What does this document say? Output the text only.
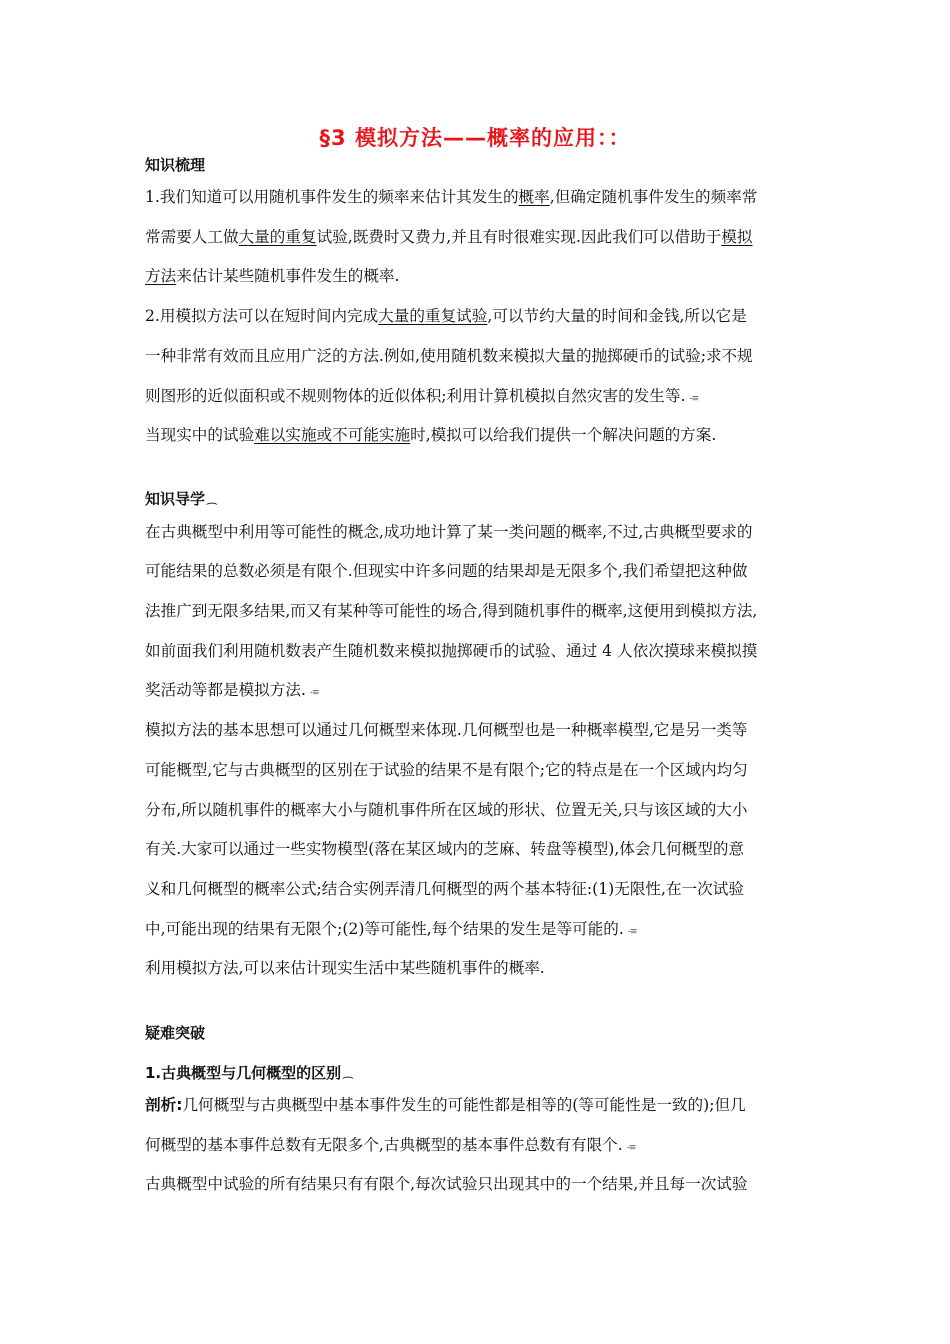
§3 模拟方法——概率的应用：：
知识梳理
1.我们知道可以用随机事件发生的频率来估计其发生的概率,但确定随机事件发生的频率常
常需要人工做大量的重复试验,既费时又费力,并且有时很难实现.因此我们可以借助于模拟
方法来估计某些随机事件发生的概率.
2.用模拟方法可以在短时间内完成大量的重复试验,可以节约大量的时间和金钱,所以它是
一种非常有效而且应用广泛的方法.例如,使用随机数来模拟大量的抛掷硬币的试验;求不规
则图形的近似面积或不规则物体的近似体积;利用计算机模拟自然灾害的发生等. -≡
当现实中的试验难以实施或不可能实施时,模拟可以给我们提供一个解决问题的方案.
知识导学 ⁔
在古典概型中利用等可能性的概念,成功地计算了某一类问题的概率,不过,古典概型要求的
可能结果的总数必须是有限个.但现实中许多问题的结果却是无限多个,我们希望把这种做
法推广到无限多结果,而又有某种等可能性的场合,得到随机事件的概率,这便用到模拟方法,
如前面我们利用随机数表产生随机数来模拟抛掷硬币的试验、通过 4 人依次摸球来模拟摸
奖活动等都是模拟方法. -≡
模拟方法的基本思想可以通过几何概型来体现.几何概型也是一种概率模型,它是另一类等
可能概型,它与古典概型的区别在于试验的结果不是有限个;它的特点是在一个区域内均匀
分布,所以随机事件的概率大小与随机事件所在区域的形状、位置无关,只与该区域的大小
有关.大家可以通过一些实物模型(落在某区域内的芝麻、转盘等模型),体会几何概型的意
义和几何概型的概率公式;结合实例弄清几何概型的两个基本特征:(1)无限性,在一次试验
中,可能出现的结果有无限个;(2)等可能性,每个结果的发生是等可能的. -≡
利用模拟方法,可以来估计现实生活中某些随机事件的概率.
疑难突破
1.古典概型与几何概型的区别 ⁔
剖析:几何概型与古典概型中基本事件发生的可能性都是相等的(等可能性是一致的);但几
何概型的基本事件总数有无限多个,古典概型的基本事件总数有有限个. -≡
古典概型中试验的所有结果只有有限个,每次试验只出现其中的一个结果,并且每一次试验
